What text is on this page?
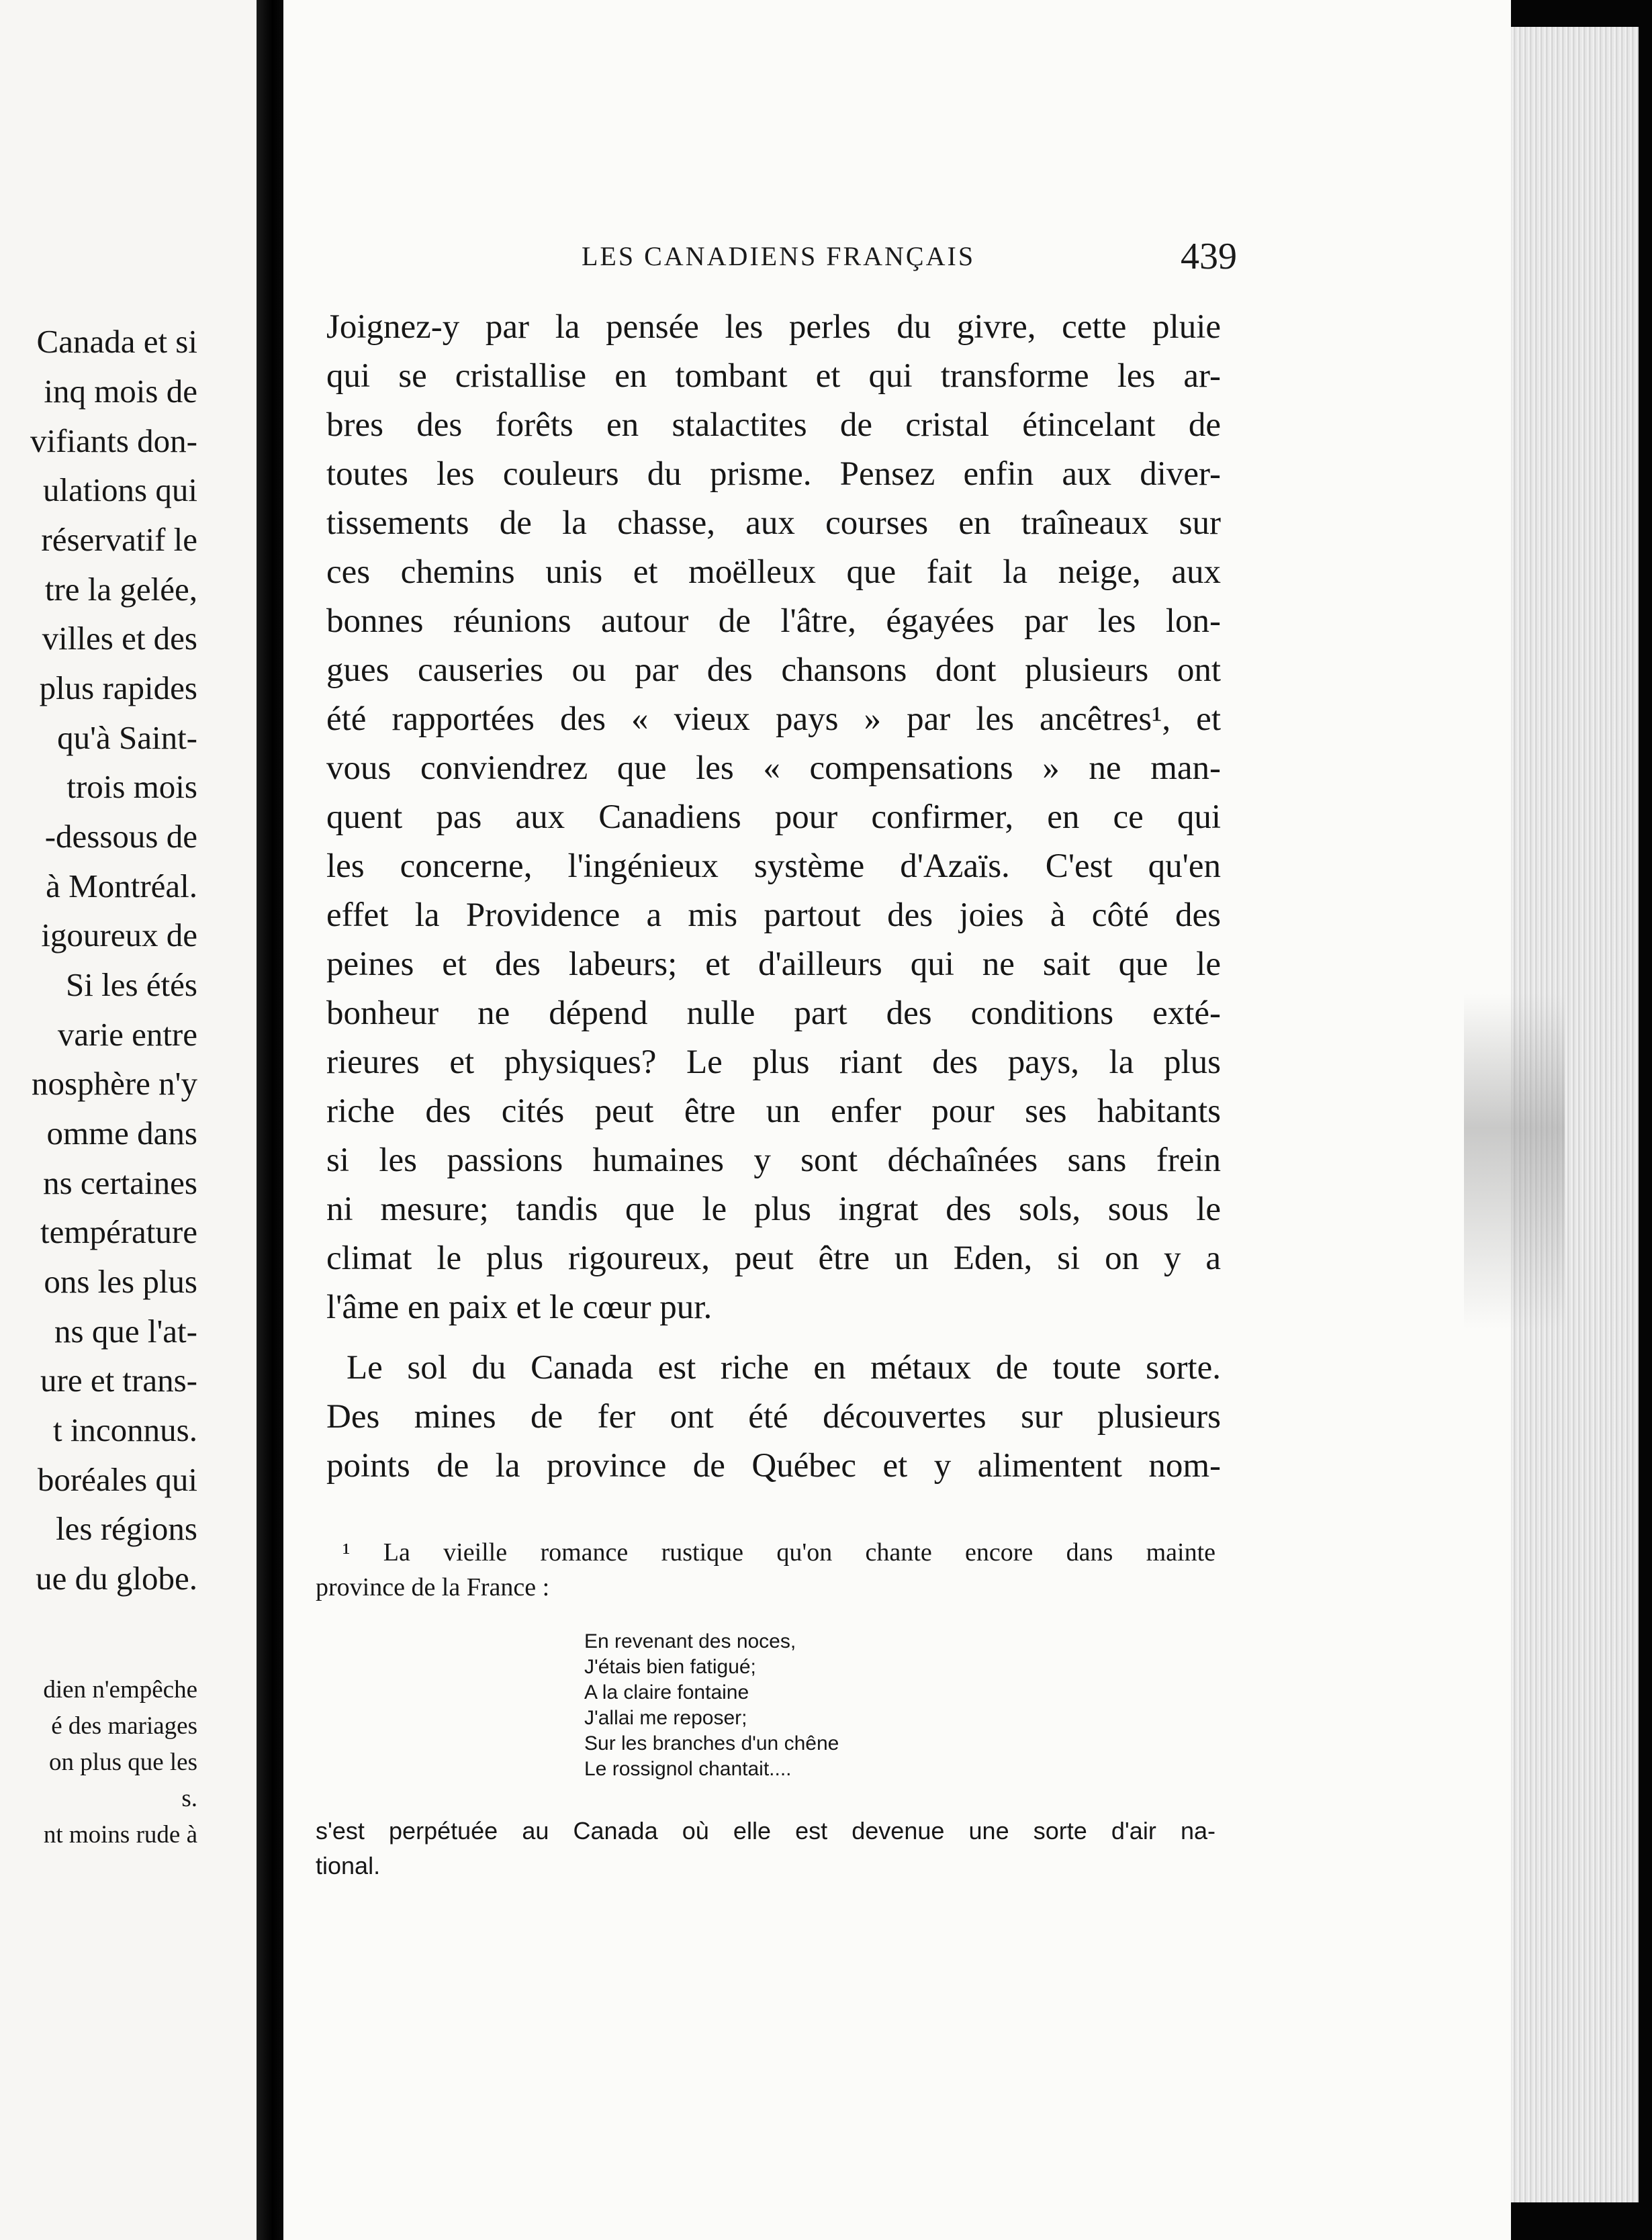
Canada et si
inq mois de
vifiants don-
ulations qui
réservatif le
tre la gelée,
villes et des
plus rapides
qu'à Saint-
trois mois
-dessous de
à Montréal.
igoureux de
Si les étés
varie entre
nosphère n'y
omme dans
ns certaines
température
ons les plus
ns que l'at-
ure et trans-
t inconnus.
boréales qui
les régions
ue du globe.
dien n'empêche
é des mariages
on plus que les
s.
nt moins rude à
LES CANADIENS FRANÇAIS	439
Joignez-y par la pensée les perles du givre, cette pluie
qui se cristallise en tombant et qui transforme les ar-
bres des forêts en stalactites de cristal étincelant de
toutes les couleurs du prisme. Pensez enfin aux diver-
tissements de la chasse, aux courses en traîneaux sur
ces chemins unis et moëlleux que fait la neige, aux
bonnes réunions autour de l'âtre, égayées par les lon-
gues causeries ou par des chansons dont plusieurs ont
été rapportées des « vieux pays » par les ancêtres¹, et
vous conviendrez que les « compensations » ne man-
quent pas aux Canadiens pour confirmer, en ce qui
les concerne, l'ingénieux système d'Azaïs. C'est qu'en
effet la Providence a mis partout des joies à côté des
peines et des labeurs; et d'ailleurs qui ne sait que le
bonheur ne dépend nulle part des conditions exté-
rieures et physiques? Le plus riant des pays, la plus
riche des cités peut être un enfer pour ses habitants
si les passions humaines y sont déchaînées sans frein
ni mesure; tandis que le plus ingrat des sols, sous le
climat le plus rigoureux, peut être un Eden, si on y a
l'âme en paix et le cœur pur.
Le sol du Canada est riche en métaux de toute sorte.
Des mines de fer ont été découvertes sur plusieurs
points de la province de Québec et y alimentent nom-
¹ La vieille romance rustique qu'on chante encore dans mainte
province de la France :
En revenant des noces,
J'étais bien fatigué;
A la claire fontaine
J'allai me reposer;
Sur les branches d'un chêne
Le rossignol chantait....
s'est perpétuée au Canada où elle est devenue une sorte d'air na-
tional.
